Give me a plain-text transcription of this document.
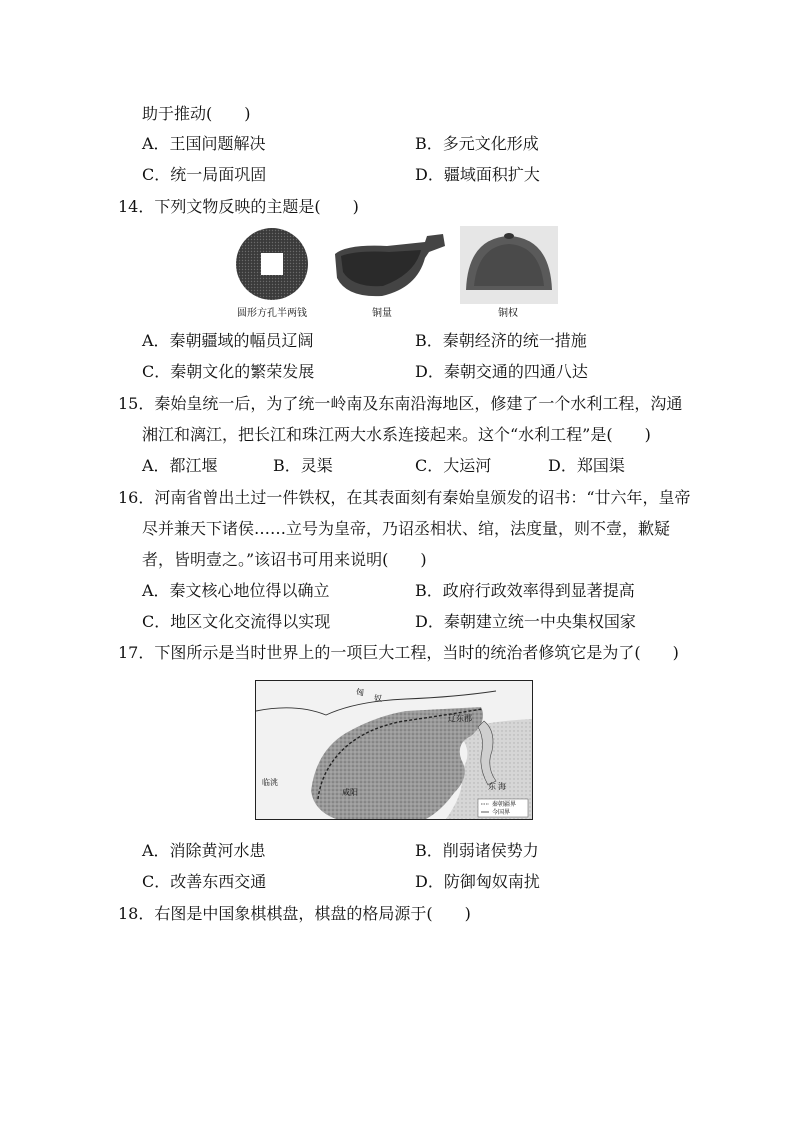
助于推动(　　)
A．王国问题解决	B．多元文化形成
C．统一局面巩固	D．疆域面积扩大
14．下列文物反映的主题是(　　)
圆形方孔半两钱	铜量	铜权
A．秦朝疆域的幅员辽阔	B．秦朝经济的统一措施
C．秦朝文化的繁荣发展	D．秦朝交通的四通八达
15．秦始皇统一后，为了统一岭南及东南沿海地区，修建了一个水利工程，沟通
湘江和漓江，把长江和珠江两大水系连接起来。这个“水利工程”是(　　)
A．都江堰	B．灵渠	C．大运河	D．郑国渠
16．河南省曾出土过一件铁权，在其表面刻有秦始皇颁发的诏书：“廿六年，皇帝
尽并兼天下诸侯……立号为皇帝，乃诏丞相状、绾，法度量，则不壹，歉疑
者，皆明壹之。”该诏书可用来说明(　　)
A．秦文核心地位得以确立	B．政府行政效率得到显著提高
C．地区文化交流得以实现	D．秦朝建立统一中央集权国家
17．下图所示是当时世界上的一项巨大工程，当时的统治者修筑它是为了(　　)
匈
奴
辽东郡
临洮
咸阳
东 海
秦朝疆界
今国界
A．消除黄河水患	B．削弱诸侯势力
C．改善东西交通	D．防御匈奴南扰
18．右图是中国象棋棋盘，棋盘的格局源于(　　)
